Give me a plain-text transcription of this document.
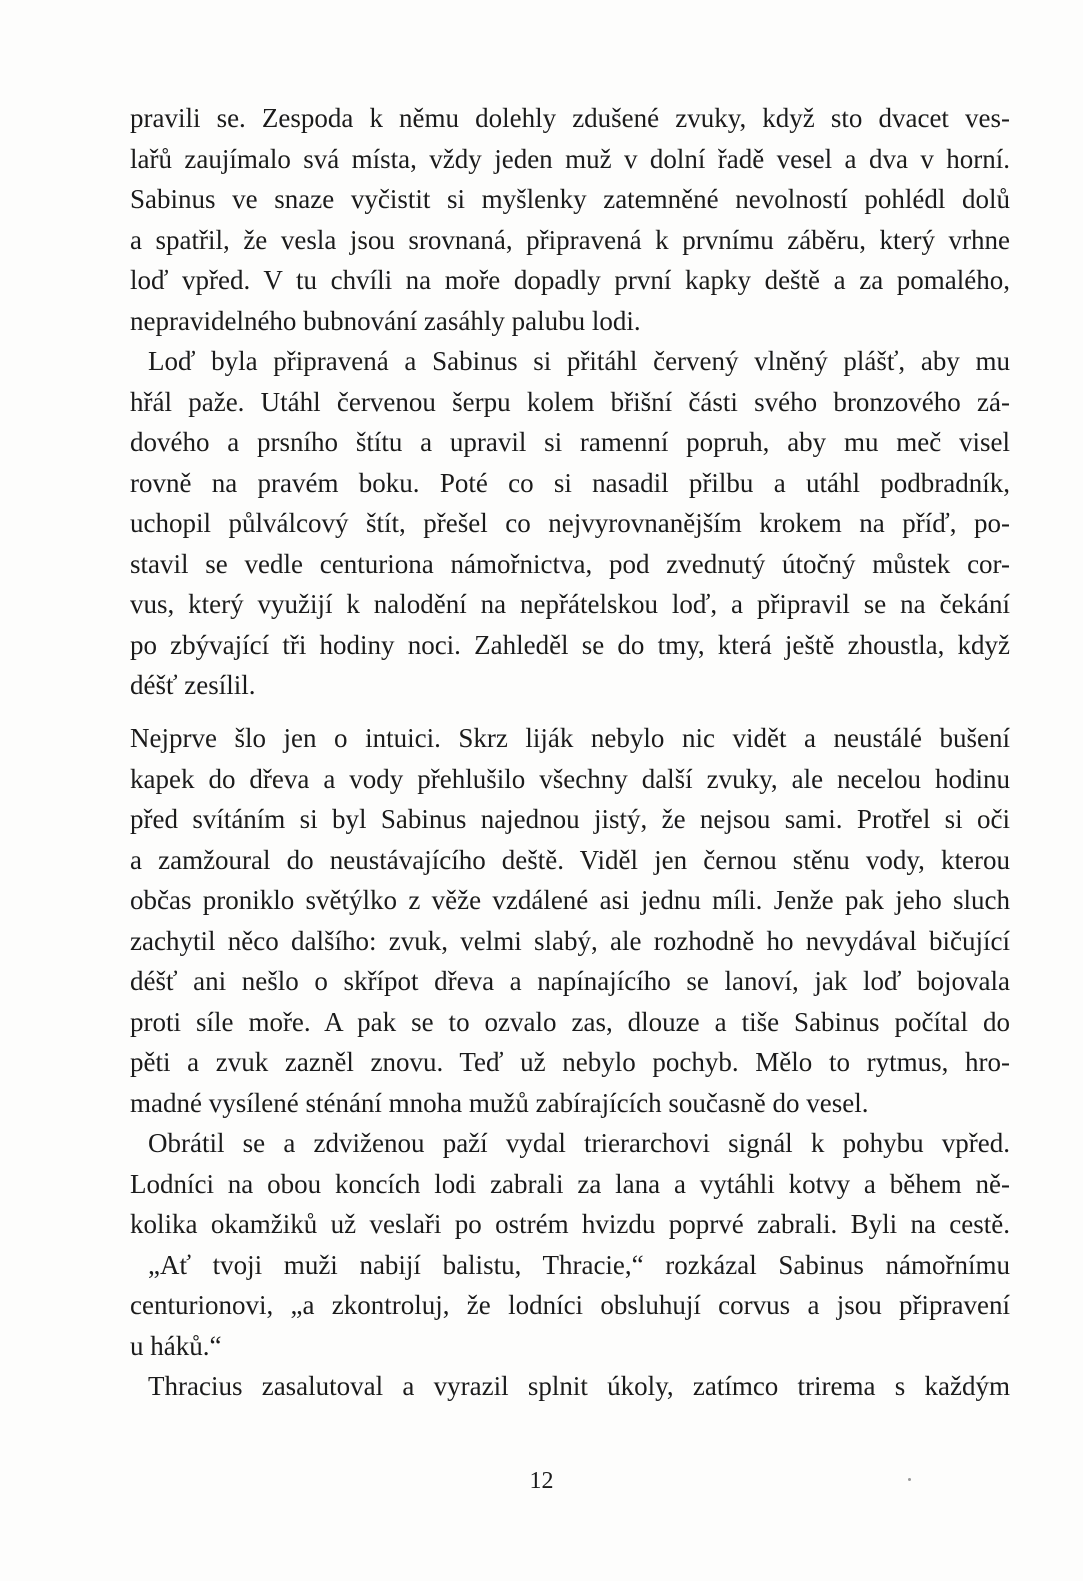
pravili se. Zespoda k němu dolehly zdušené zvuky, když sto dvacet ves-
lařů zaujímalo svá místa, vždy jeden muž v dolní řadě vesel a dva v horní.
Sabinus ve snaze vyčistit si myšlenky zatemněné nevolností pohlédl dolů
a spatřil, že vesla jsou srovnaná, připravená k prvnímu záběru, který vrhne
loď vpřed. V tu chvíli na moře dopadly první kapky deště a za pomalého,
nepravidelného bubnování zasáhly palubu lodi.
Loď byla připravená a Sabinus si přitáhl červený vlněný plášť, aby mu
hřál paže. Utáhl červenou šerpu kolem břišní části svého bronzového zá-
dového a prsního štítu a upravil si ramenní popruh, aby mu meč visel
rovně na pravém boku. Poté co si nasadil přilbu a utáhl podbradník,
uchopil půlválcový štít, přešel co nejvyrovnanějším krokem na příď, po-
stavil se vedle centuriona námořnictva, pod zvednutý útočný můstek cor-
vus, který využijí k nalodění na nepřátelskou loď, a připravil se na čekání
po zbývající tři hodiny noci. Zahleděl se do tmy, která ještě zhoustla, když
déšť zesílil.
Nejprve šlo jen o intuici. Skrz liják nebylo nic vidět a neustálé bušení
kapek do dřeva a vody přehlušilo všechny další zvuky, ale necelou hodinu
před svítáním si byl Sabinus najednou jistý, že nejsou sami. Protřel si oči
a zamžoural do neustávajícího deště. Viděl jen černou stěnu vody, kterou
občas proniklo světýlko z věže vzdálené asi jednu míli. Jenže pak jeho sluch
zachytil něco dalšího: zvuk, velmi slabý, ale rozhodně ho nevydával bičující
déšť ani nešlo o skřípot dřeva a napínajícího se lanoví, jak loď bojovala
proti síle moře. A pak se to ozvalo zas, dlouze a tiše Sabinus počítal do
pěti a zvuk zazněl znovu. Teď už nebylo pochyb. Mělo to rytmus, hro-
madné vysílené sténání mnoha mužů zabírajících současně do vesel.
Obrátil se a zdviženou paží vydal trierarchovi signál k pohybu vpřed.
Lodníci na obou koncích lodi zabrali za lana a vytáhli kotvy a během ně-
kolika okamžiků už veslaři po ostrém hvizdu poprvé zabrali. Byli na cestě.
„Ať tvoji muži nabijí balistu, Thracie,“ rozkázal Sabinus námořnímu
centurionovi, „a zkontroluj, že lodníci obsluhují corvus a jsou připravení
u háků.“
Thracius zasalutoval a vyrazil splnit úkoly, zatímco trirema s každým
12
